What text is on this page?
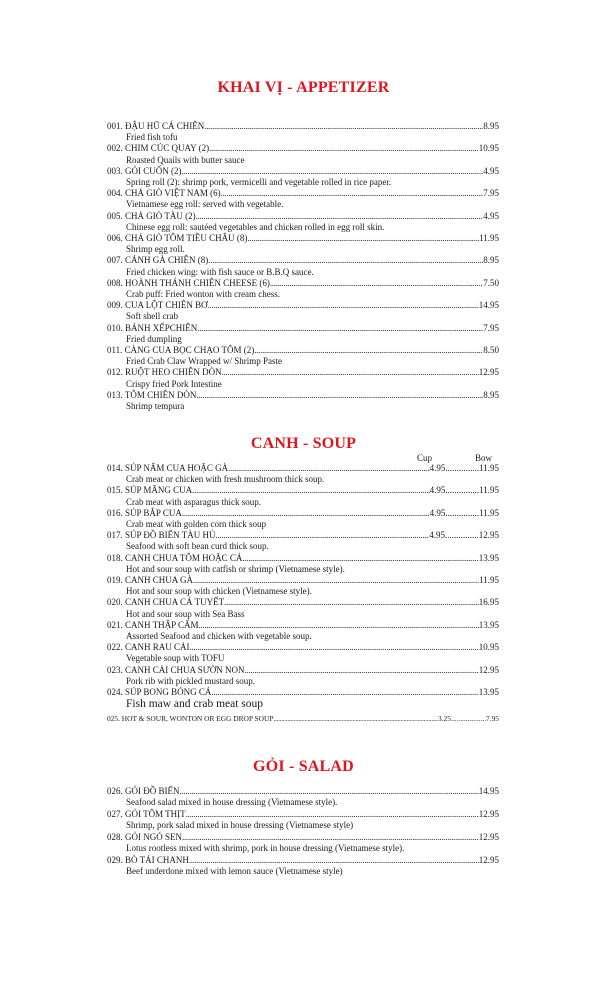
KHAI VỊ - APPETIZER
001. ĐẬU HŨ CÁ CHIÊN .....	8.95
Fried fish tofu
002. CHIM CÚC QUAY (2) .....	10.95
Roasted Quails with butter sauce
003. GỎI CUỐN (2) .....	4.95
Spring roll (2): shrimp pork, vermicelli and vegetable rolled in rice paper.
004. CHẢ GIÒ VIỆT NAM (6) .....	7.95
Vietnamese egg roll: served with vegetable.
005. CHẢ GIÒ TÀU (2) .....	4.95
Chinese egg roll: sautéed vegetables and chicken rolled in egg roll skin.
006. CHẢ GIÒ TÔM TIỀU CHÂU (8) .....	11.95
Shrimp egg roll.
007. CÁNH GÀ CHIÊN (8) .....	8.95
Fried chicken wing: with fish sauce or B.B.Q sauce.
008. HOÀNH THÁNH CHIÊN CHEESE (6) .....	7.50
Crab puff: Fried wonton with cream chess.
009. CUA LỘT CHIÊN BƠ .....	14.95
Soft shell crab
010. BÁNH XẾPCHIÊN .....	7.95
Fried dumpling
011. CÀNG CUA BỌC CHẠO TÔM (2) .....	8.50
Fried Crab Claw Wrapped w/ Shrimp Paste
012. RUỘT HEO CHIÊN DÒN .....	12.95
Crispy fried Pork Intestine
013. TÔM CHIÊN DÒN .....	8.95
Shrimp tempura
CANH - SOUP
Cup	Bow
014. SÚP NẤM CUA HOẶC GÀ .....	4.95...............11.95
Crab meat or chicken with fresh mushroom thick soup.
015. SÚP MĂNG CUA .....	4.95...............11.95
Crab meat with asparagus thick soup.
016. SÚP BẮP CUA .....	4.95...............11.95
Crab meat with golden corn thick soup
017. SÚP ĐỒ BIỂN TÀU HỦ .....	4.95...............12.95
Seafood with soft bean curd thick soup.
018. CANH CHUA TÔM HOẶC CÁ .....	13.95
Hot and sour soup with catfish or shrimp (Vietnamese style).
019. CANH CHUA GÀ .....	11.95
Hot and sour soup with chicken (Vietnamese style).
020. CANH CHUA CÁ TUYẾT .....	16.95
Hot and sour soup with Sea Bass
021. CANH THẬP CẨM .....	13.95
Assorted Seafood and chicken with vegetable soup.
022. CANH RAU CẢI .....	10.95
Vegetable soup with TOFU
023. CANH CẢI CHUA SƯỜN NON .....	12.95
Pork rib with pickled mustard soup.
024. SÚP BONG BÓNG CÁ .....	13.95
Fish maw and crab meat soup
025. HOT & SOUR, WONTON OR EGG DROP SOUP .....	3.25...................7.95
GỎI - SALAD
026. GỎI ĐỒ BIỂN .....	14.95
Seafood salad mixed in house dressing (Vietnamese style).
027. GỎI TÔM THỊT .....	12.95
Shrimp, pork salad mixed in house dressing (Vietnamese style)
028. GỎI NGÓ SEN .....	12.95
Lotus rootless mixed with shrimp, pork in house dressing (Vietnamese style).
029. BÒ TÁI CHANH .....	12.95
Beef underdone mixed with lemon sauce (Vietnamese style)
